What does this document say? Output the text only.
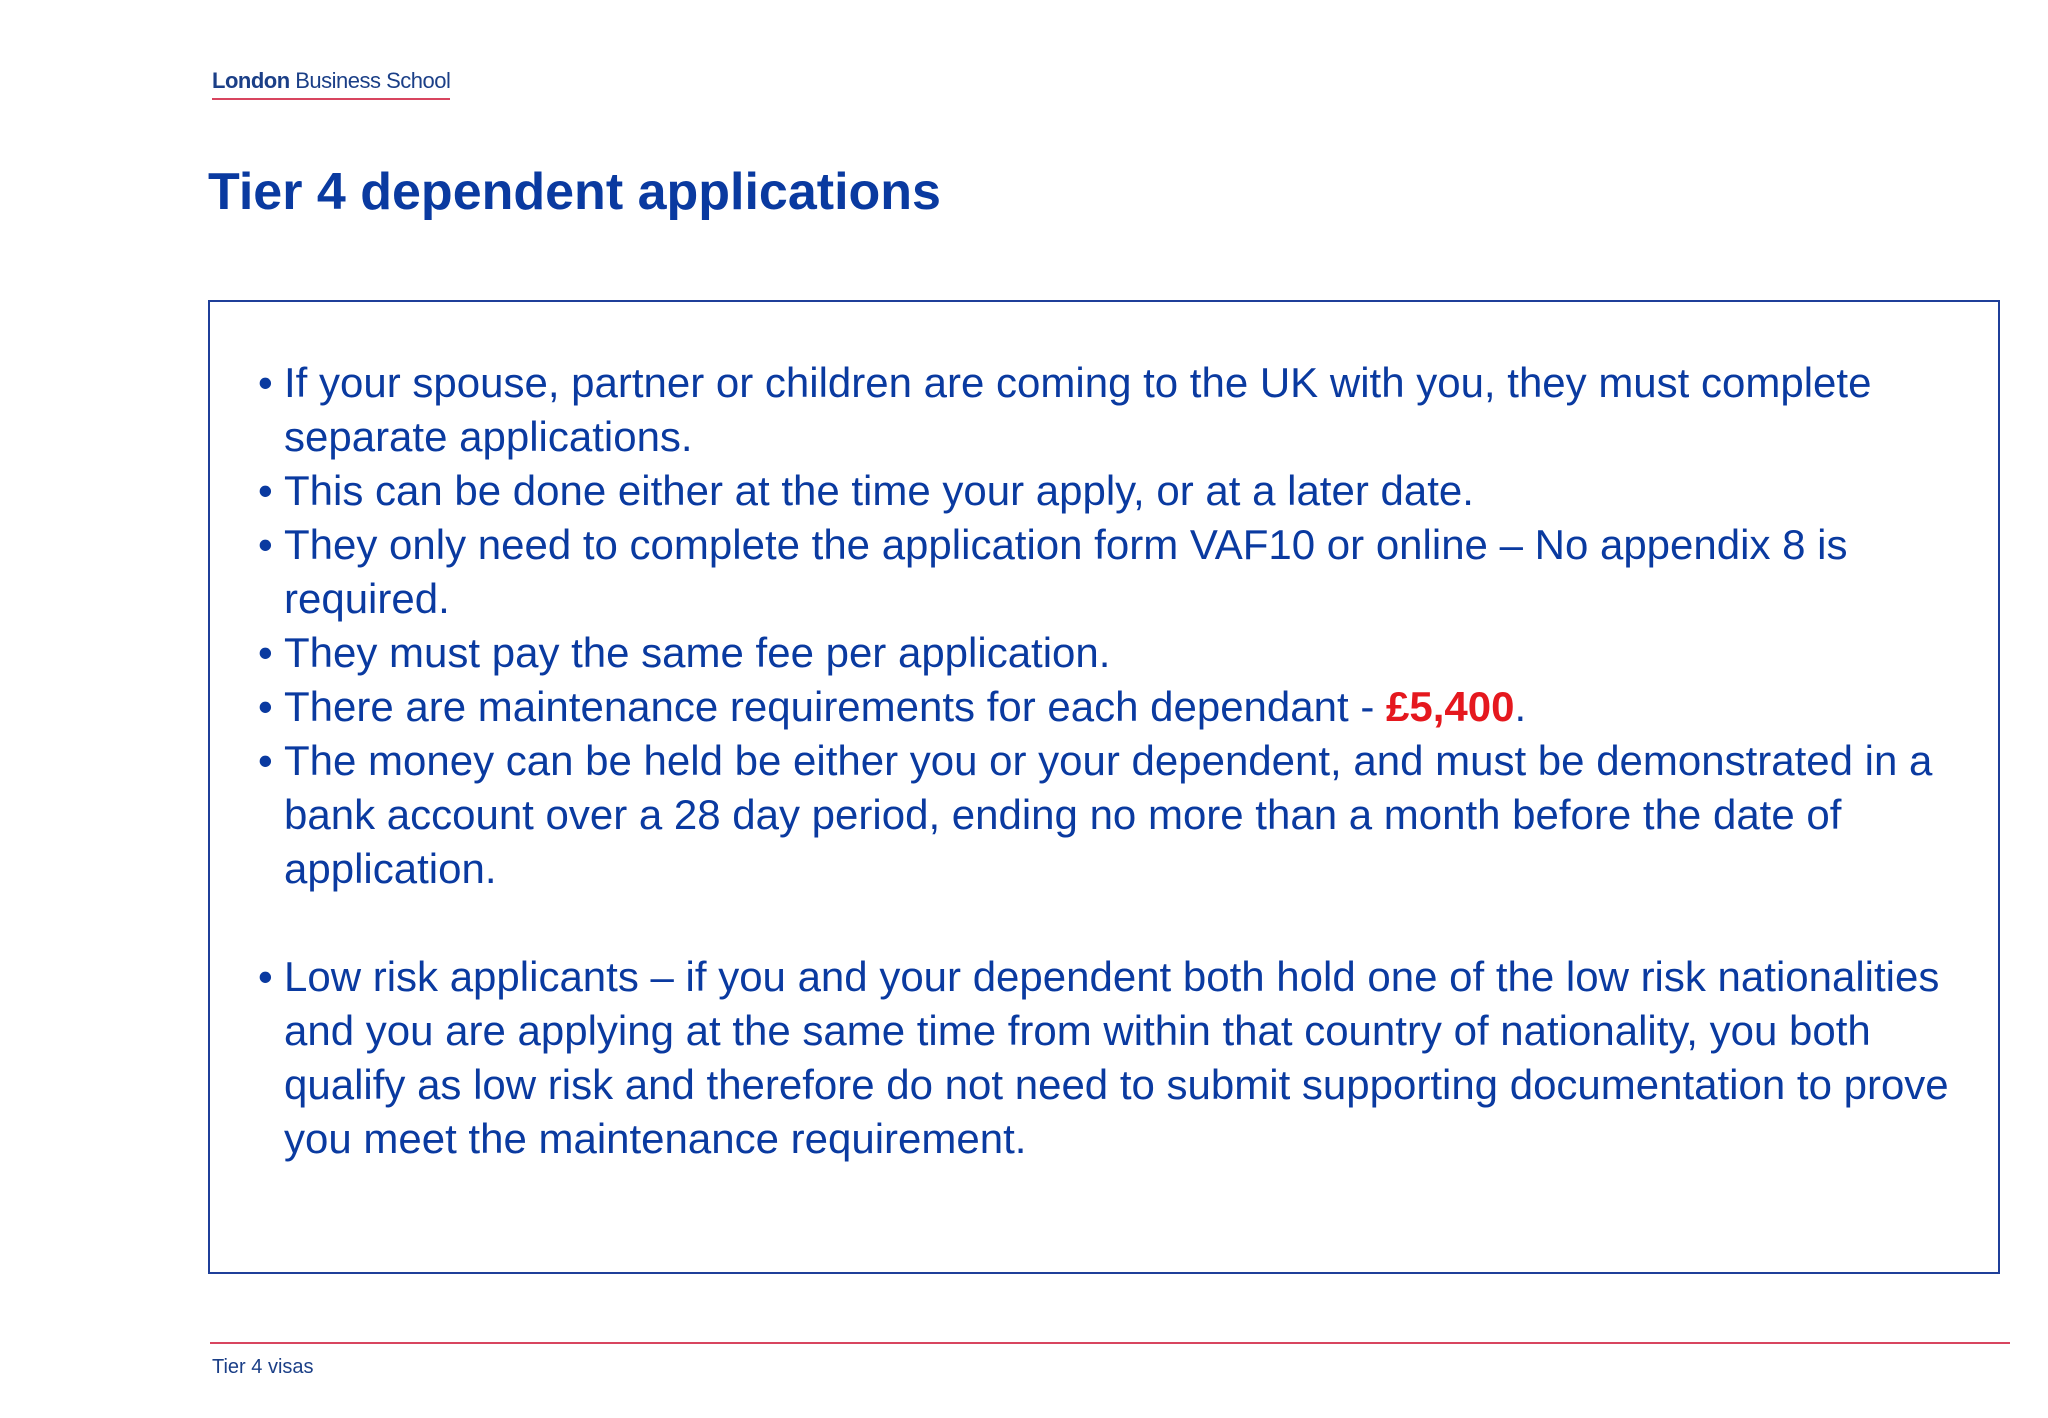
London Business School
Tier 4 dependent applications
• If your spouse, partner or children are coming to the UK with you, they must complete separate applications.
• This can be done either at the time your apply, or at a later date.
• They only need to complete the application form VAF10 or online – No appendix 8 is required.
• They must pay the same fee per application.
• There are maintenance requirements for each dependant - £5,400.
• The money can be held be either you or your dependent, and must be demonstrated in a bank account over a 28 day period, ending no more than a month before the date of application.
• Low risk applicants – if you and your dependent both hold one of the low risk nationalities and you are applying at the same time from within that country of nationality, you both qualify as low risk and therefore do not need to submit supporting documentation to prove you meet the maintenance requirement.
Tier 4 visas
